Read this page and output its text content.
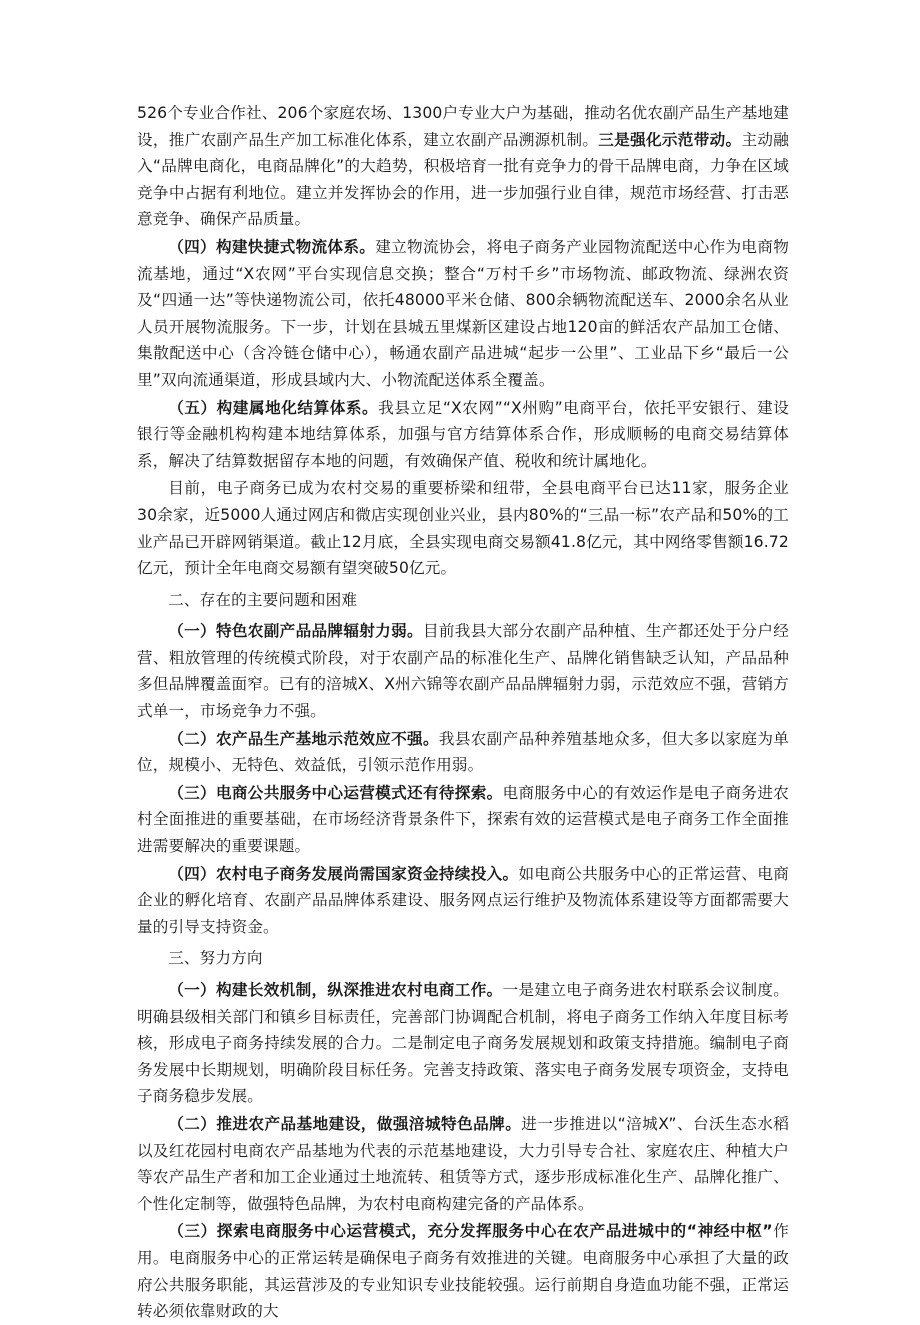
526个专业合作社、206个家庭农场、1300户专业大户为基础，推动名优农副产品生产基地建设，推广农副产品生产加工标准化体系，建立农副产品溯源机制。三是强化示范带动。主动融入“品牌电商化，电商品牌化”的大趋势，积极培育一批有竞争力的骨干品牌电商，力争在区域竞争中占据有利地位。建立并发挥协会的作用，进一步加强行业自律，规范市场经营、打击恶意竞争、确保产品质量。

（四）构建快捷式物流体系。建立物流协会，将电子商务产业园物流配送中心作为电商物流基地，通过“X农网”平台实现信息交换；整合“万村千乡”市场物流、邮政物流、绿洲农资及“四通一达”等快递物流公司，依托48000平米仓储、800余辆物流配送车、2000余名从业人员开展物流服务。下一步，计划在县城五里煤新区建设占地120亩的鲜活农产品加工仓储、集散配送中心（含冷链仓储中心），畅通农副产品进城“起步一公里”、工业品下乡“最后一公里”双向流通渠道，形成县域内大、小物流配送体系全覆盖。

（五）构建属地化结算体系。我县立足“X农网”“X州购”电商平台，依托平安银行、建设银行等金融机构构建本地结算体系，加强与官方结算体系合作，形成顺畅的电商交易结算体系，解决了结算数据留存本地的问题，有效确保产值、税收和统计属地化。

目前，电子商务已成为农村交易的重要桥梁和纽带，全县电商平台已达11家，服务企业30余家，近5000人通过网店和微店实现创业兴业，县内80%的“三品一标”农产品和50%的工业产品已开辟网销渠道。截止12月底，全县实现电商交易额41.8亿元，其中网络零售额16.72亿元，预计全年电商交易额有望突破50亿元。

二、存在的主要问题和困难

（一）特色农副产品品牌辐射力弱。目前我县大部分农副产品种植、生产都还处于分户经营、粗放管理的传统模式阶段，对于农副产品的标准化生产、品牌化销售缺乏认知，产品品种多但品牌覆盖面窄。已有的涪城X、X州六锦等农副产品品牌辐射力弱，示范效应不强，营销方式单一，市场竞争力不强。

（二）农产品生产基地示范效应不强。我县农副产品种养殖基地众多，但大多以家庭为单位，规模小、无特色、效益低，引领示范作用弱。

（三）电商公共服务中心运营模式还有待探索。电商服务中心的有效运作是电子商务进农村全面推进的重要基础，在市场经济背景条件下，探索有效的运营模式是电子商务工作全面推进需要解决的重要课题。

（四）农村电子商务发展尚需国家资金持续投入。如电商公共服务中心的正常运营、电商企业的孵化培育、农副产品品牌体系建设、服务网点运行维护及物流体系建设等方面都需要大量的引导支持资金。

三、努力方向

（一）构建长效机制，纵深推进农村电商工作。一是建立电子商务进农村联系会议制度。明确县级相关部门和镇乡目标责任，完善部门协调配合机制，将电子商务工作纳入年度目标考核，形成电子商务持续发展的合力。二是制定电子商务发展规划和政策支持措施。编制电子商务发展中长期规划，明确阶段目标任务。完善支持政策、落实电子商务发展专项资金，支持电子商务稳步发展。

（二）推进农产品基地建设，做强涪城特色品牌。进一步推进以“涪城X”、台沃生态水稻以及红花园村电商农产品基地为代表的示范基地建设，大力引导专合社、家庭农庄、种植大户等农产品生产者和加工企业通过土地流转、租赁等方式，逐步形成标准化生产、品牌化推广、个性化定制等，做强特色品牌，为农村电商构建完备的产品体系。

（三）探索电商服务中心运营模式，充分发挥服务中心在农产品进城中的“神经中枢”作用。电商服务中心的正常运转是确保电子商务有效推进的关键。电商服务中心承担了大量的政府公共服务职能，其运营涉及的专业知识专业技能较强。运行前期自身造血功能不强，正常运转必须依靠财政的大
